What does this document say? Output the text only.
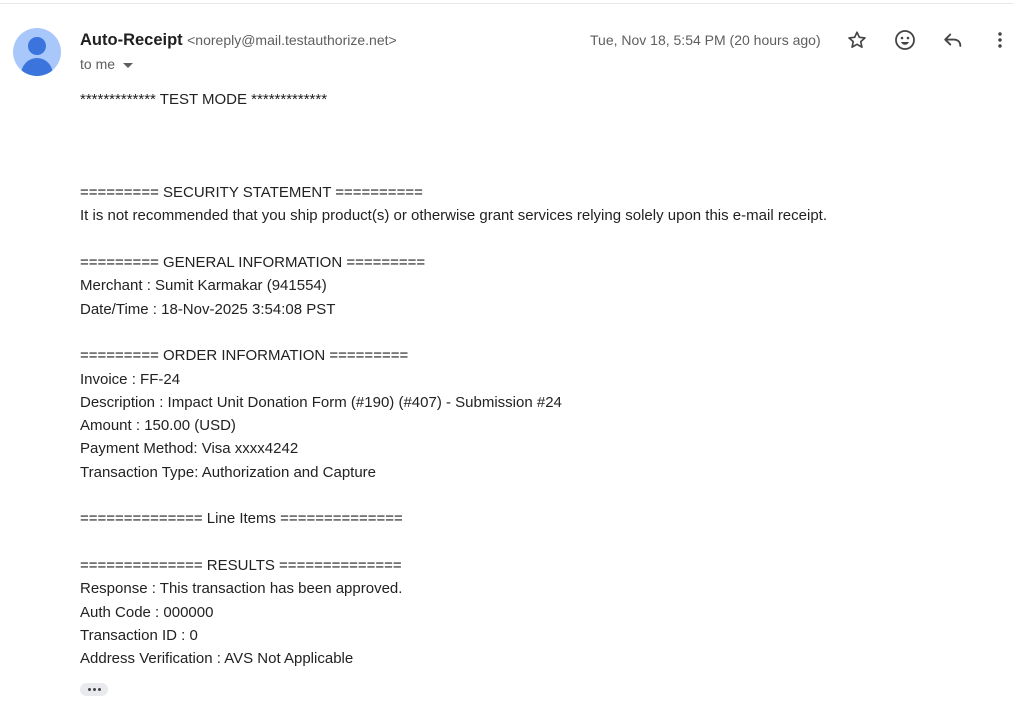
Auto-Receipt <noreply@mail.testauthorize.net>
to me
Tue, Nov 18, 5:54 PM (20 hours ago)
************* TEST MODE *************
========= SECURITY STATEMENT ==========
It is not recommended that you ship product(s) or otherwise grant services relying solely upon this e-mail receipt.
========= GENERAL INFORMATION =========
Merchant : Sumit Karmakar (941554)
Date/Time : 18-Nov-2025 3:54:08 PST
========= ORDER INFORMATION =========
Invoice : FF-24
Description : Impact Unit Donation Form (#190) (#407) - Submission #24
Amount : 150.00 (USD)
Payment Method: Visa xxxx4242
Transaction Type: Authorization and Capture
============== Line Items ==============
============== RESULTS ==============
Response : This transaction has been approved.
Auth Code : 000000
Transaction ID : 0
Address Verification : AVS Not Applicable
